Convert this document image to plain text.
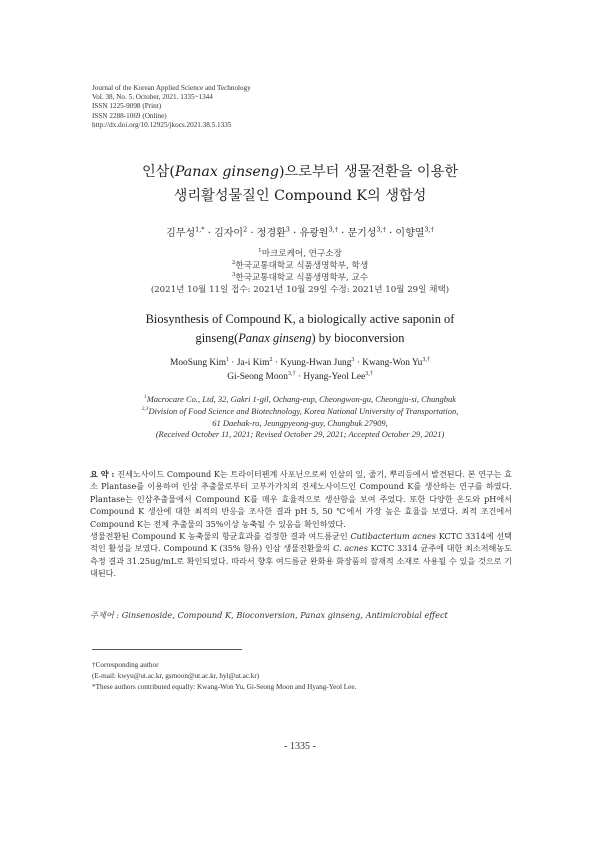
Journal of the Korean Applied Science and Technology
Vol. 38, No. 5. October, 2021. 1335~1344
ISSN 1225-9098 (Print)
ISSN 2288-1069 (Online)
http://dx.doi.org/10.12925/jkocs.2021.38.5.1335
인삼(Panax ginseng)으로부터 생물전환을 이용한
생리활성물질인 Compound K의 생합성
김무성$^{1,*}$ · 김자이$^2$ · 정경환$^3$ · 유광원$^{3,\dagger}$ · 문기성$^{3,\dagger}$ · 이향열$^{3,\dagger}$
$^1$마크로케어, 연구소장
$^2$한국교통대학교 식품생명학부, 학생
$^3$한국교통대학교 식품생명학부, 교수
(2021년 10월 11일 접수: 2021년 10월 29일 수정: 2021년 10월 29일 채택)
Biosynthesis of Compound K, a biologically active saponin of
ginseng(Panax ginseng) by bioconversion
MooSung Kim$^1$ · Ja-i Kim$^2$ · Kyung-Hwan Jung$^3$ · Kwang-Won $Yu^{3,\dagger}$
Gi-Seong Moon$^{3,\dagger}$ · Hyang-Yeol Lee$^{3,\dagger}$
$^1$Macrocare Co., Ltd, 32, Gakri 1-gil, Ochang-eup, Cheongwon-gu, Cheongju-si, Chungbuk
$^{2,3}$Division of Food Science and Biotechnology, Korea National University of Transportation,
61 Daehak-ro, Jeungpyeong-guy, Chungbuk 27909,
(Received October 11, 2021; Revised October 29, 2021; Accepted October 29, 2021)

요 약 : 진세노사이드 Compound K는 트라이터펜계 사포닌으로써 인삼의 잎, 줄기, 뿌리등에서 발견된다. 본 연구는 효소 Plantase를 이용하여 인삼 추출물로부터 고부가가치의 진세노사이드인 Compound K를 생산하는 연구를 하였다. Plantase는 인삼추출물에서 Compound K를 매우 효율적으로 생산함을 보여 주었다. 또한 다양한 온도와 pH에서 Compound K 생산에 대한 최적의 반응을 조사한 결과 pH 5, 50 ℃에서 가장 높은 효율을 보였다. 최적 조건에서 Compound K는 전체 추출물의 35%이상 농축될 수 있음을 확인하였다.

생물전환된 Compound K 농축물의 항균효과를 검정한 결과 여드름균인 Cutibacterium acnes KCTC 3314에 선택적인 활성을 보였다. Compound K (35% 함유) 인삼 생물전환물의 C. acnes KCTC 3314 균주에 대한 최소저해농도 측정 결과 31.25ug/mL로 확인되었다. 따라서 향후 여드름균 완화용 화장품의 잠재적 소재로 사용될 수 있을 것으로 기대된다.

주제어 : Ginsenoside, Compound K, Bioconversion, Panax ginseng, Antimicrobial effect
†Corresponding author
(E-mail: kwyu@ut.ac.kr, gsmoon@ut.ac.kr, hyl@ut.ac.kr)
*These authors contributed equally: Kwang-Won Yu, Gi-Seong Moon and Hyang-Yeol Lee.
- 1335 -
